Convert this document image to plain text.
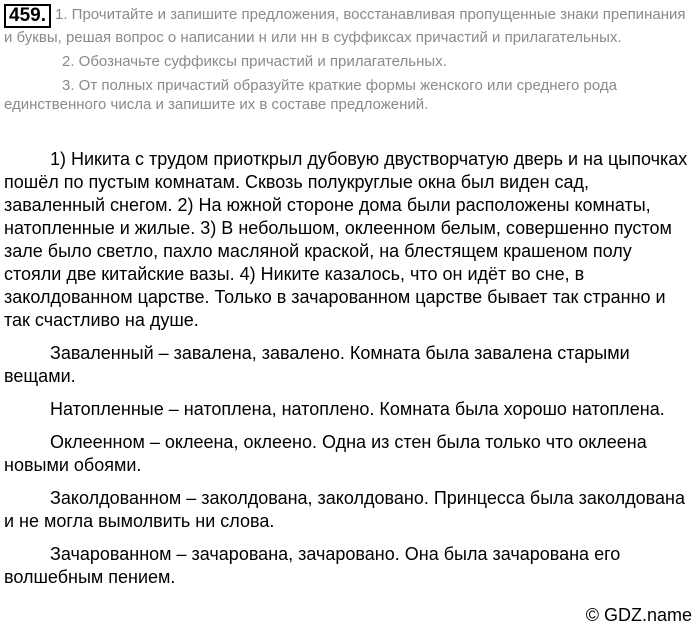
459. 1. Прочитайте и запишите предложения, восстанавливая пропущенные знаки препинания и буквы, решая вопрос о написании н или нн в суффиксах причастий и прилагательных.

2. Обозначьте суффиксы причастий и прилагательных.

3. От полных причастий образуйте краткие формы женского или среднего рода единственного числа и запишите их в составе предложений.

1) Никита с трудом приоткрыл дубовую двустворчатую дверь и на цыпочках пошёл по пустым комнатам. Сквозь полукруглые окна был виден сад, заваленный снегом. 2) На южной стороне дома были расположены комнаты, натопленные и жилые. 3) В небольшом, оклеенном белым, совершенно пустом зале было светло, пахло масляной краской, на блестящем крашеном полу стояли две китайские вазы. 4) Никите казалось, что он идёт во сне, в заколдованном царстве. Только в зачарованном царстве бывает так странно и так счастливо на душе.

Заваленный – завалена, завалено. Комната была завалена старыми вещами.

Натопленные – натоплена, натоплено. Комната была хорошо натоплена.

Оклеенном – оклеена, оклеено. Одна из стен была только что оклеена новыми обоями.

Заколдованном – заколдована, заколдовано. Принцесса была заколдована и не могла вымолвить ни слова.

Зачарованном – зачарована, зачаровано. Она была зачарована его волшебным пением.

© GDZ.name
